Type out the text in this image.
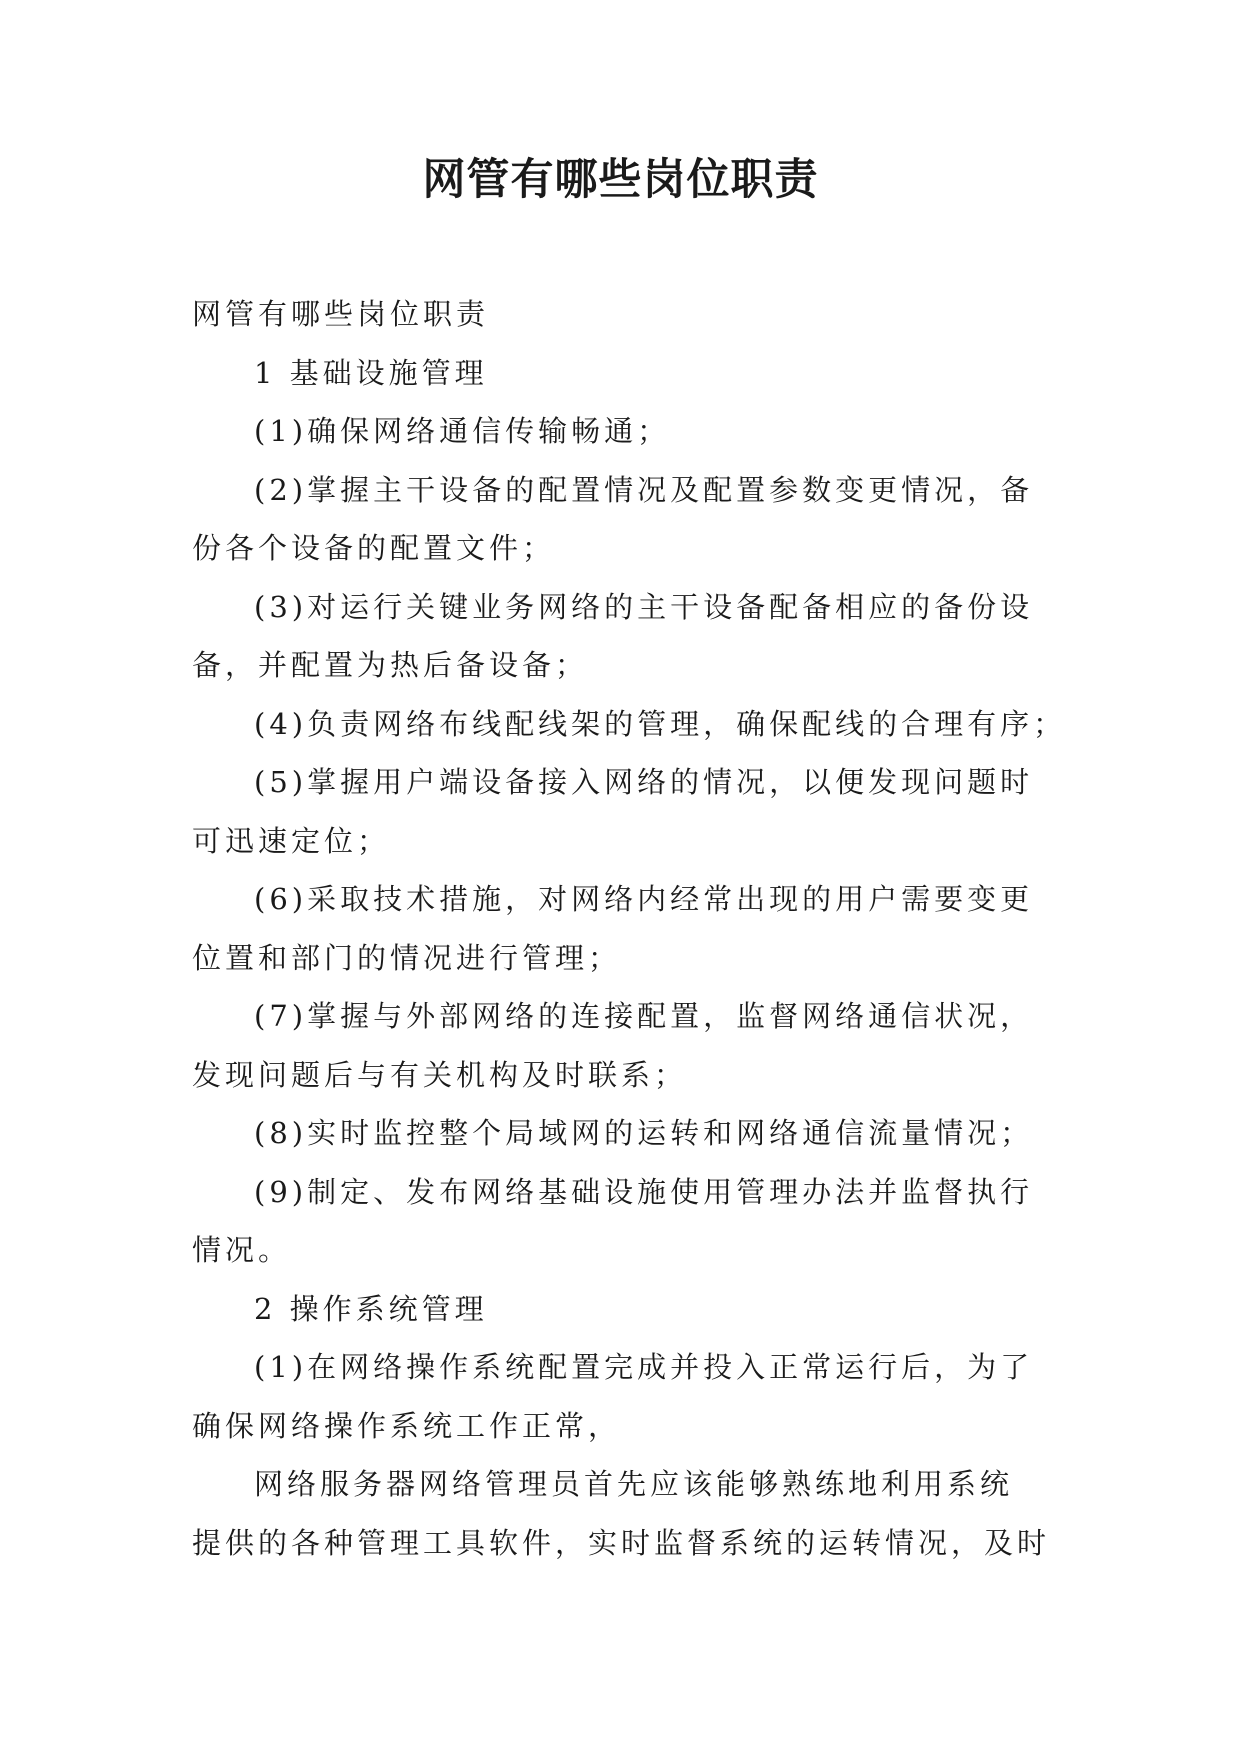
网管有哪些岗位职责
网管有哪些岗位职责
1 基础设施管理
(1)确保网络通信传输畅通；
(2)掌握主干设备的配置情况及配置参数变更情况，备
份各个设备的配置文件；
(3)对运行关键业务网络的主干设备配备相应的备份设
备，并配置为热后备设备；
(4)负责网络布线配线架的管理，确保配线的合理有序；
(5)掌握用户端设备接入网络的情况，以便发现问题时
可迅速定位；
(6)采取技术措施，对网络内经常出现的用户需要变更
位置和部门的情况进行管理；
(7)掌握与外部网络的连接配置，监督网络通信状况，
发现问题后与有关机构及时联系；
(8)实时监控整个局域网的运转和网络通信流量情况；
(9)制定、发布网络基础设施使用管理办法并监督执行
情况。
2 操作系统管理
(1)在网络操作系统配置完成并投入正常运行后，为了
确保网络操作系统工作正常，
网络服务器网络管理员首先应该能够熟练地利用系统
提供的各种管理工具软件，实时监督系统的运转情况，及时
